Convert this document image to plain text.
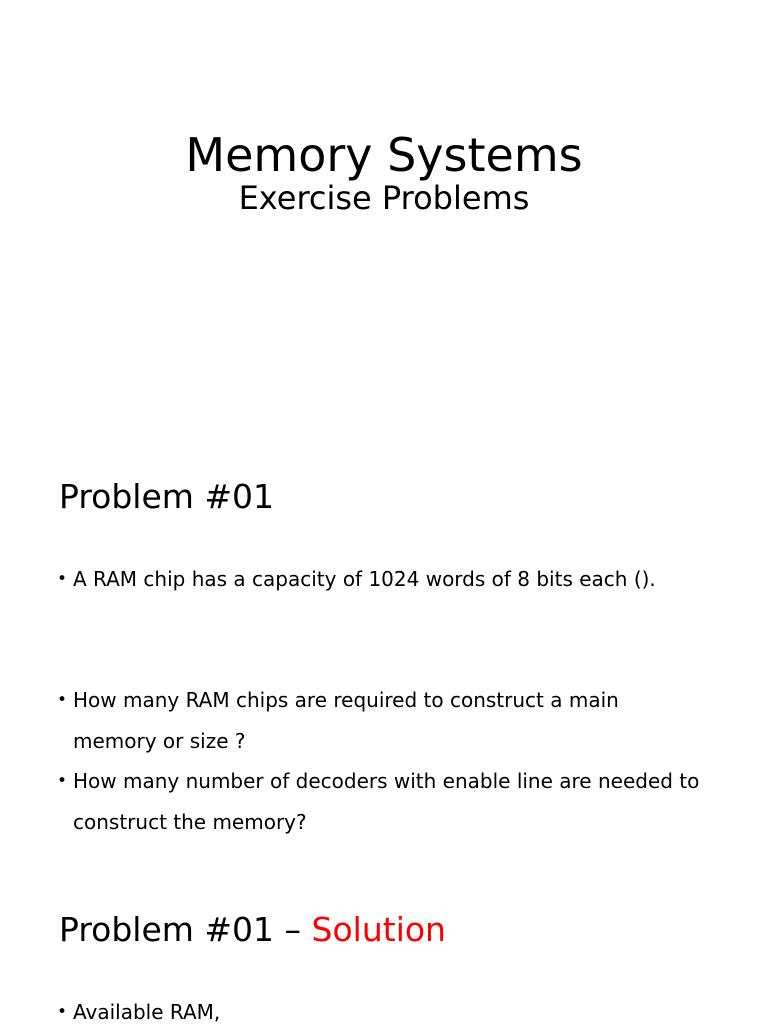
Memory Systems
Exercise Problems
Problem #01
• A RAM chip has a capacity of 1024 words of 8 bits each ().
• How many RAM chips are required to construct a main memory or size ?
• How many number of decoders with enable line are needed to construct the memory?
Problem #01 – Solution
• Available RAM,
